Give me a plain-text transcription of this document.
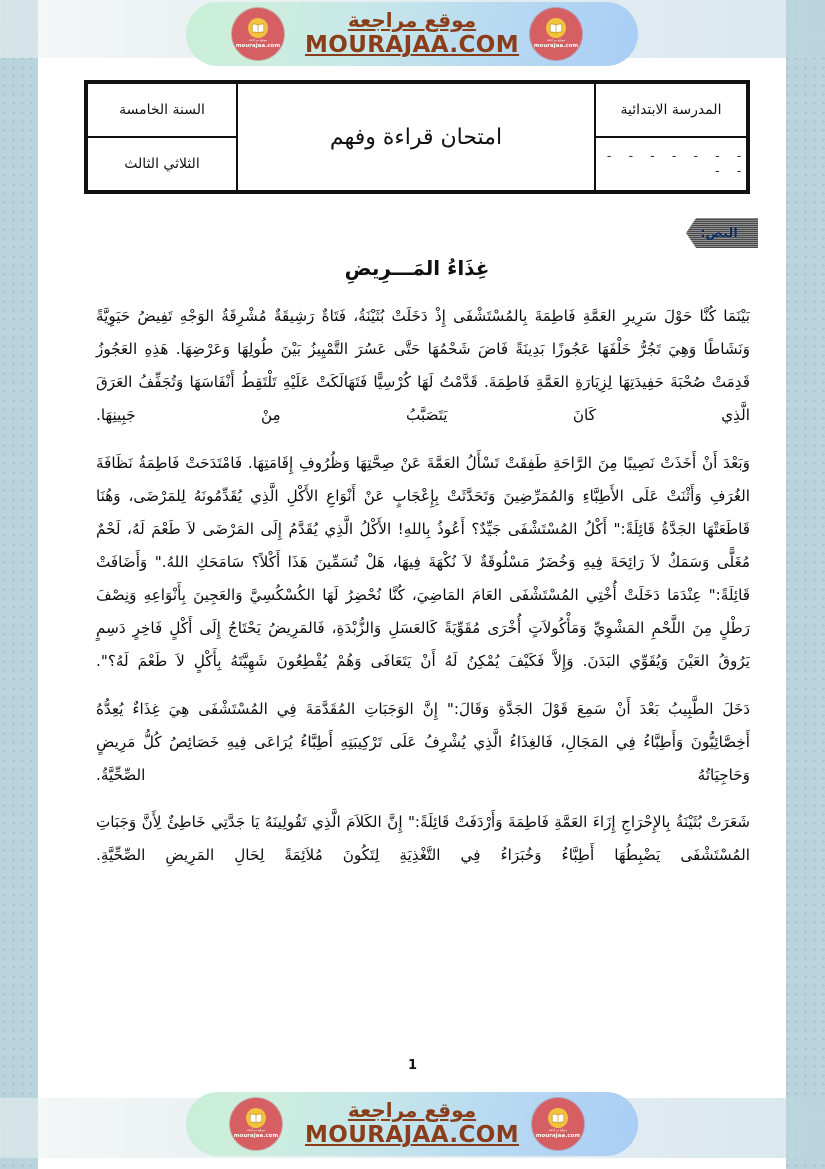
موقع مراجعة
mourajaa.com
موقع مراجعة
MOURAJAA.COM	موقع مراجعة
mourajaa.com
المدرسة الابتدائية
- - - - - - - - -
امتحان قراءة وفهم
السنة الخامسة
الثلاثي الثالث
النص:
غِذَاءُ المَـــرِيضِ

بَيْنَمَا كُنَّا حَوْلَ سَرِيرِ العَمَّةِ فَاطِمَةَ بِالمُسْتَشْفَى إِذْ دَخَلَتْ بُثَيْنَةُ، فَتَاةٌ رَشِيقَةٌ مُشْرِقَةُ الوَجْهِ تَفِيضُ حَيَوِيَّةً وَنَشَاطًا وَهِيَ تَجُرُّ خَلْفَهَا عَجُوزًا بَدِينَةً فَاضَ شَحْمُهَا حَتَّى عَسُرَ التَّمْيِيزُ بَيْنَ طُولِهَا وَعَرْضِهَا. هَذِهِ العَجُوزُ قَدِمَتْ صُحْبَةَ حَفِيدَتِهَا لِزِيَارَةِ العَمَّةِ فَاطِمَةَ. قَدَّمْتُ لَهَا كُرْسِيًّا فَتَهَالَكَتْ عَلَيْهِ تَلْتَقِطُ أَنْفَاسَهَا وَتُجَفِّفُ العَرَقَ الَّذِي كَانَ يَتَصَبَّبُ مِنْ جَبِينِهَا.

وَبَعْدَ أَنْ أَخَذَتْ نَصِيبًا مِنَ الرَّاحَةِ طَفِقَتْ تَسْأَلُ العَمَّةَ عَنْ صِحَّتِهَا وَظُرُوفِ إِقَامَتِهَا. فَامْتَدَحَتْ فَاطِمَةُ نَظَافَةَ الغُرَفِ وَأَثْنَتْ عَلَى الأَطِبَّاءِ وَالمُمَرِّضِينَ وَتَحَدَّثَتْ بِإِعْجَابٍ عَنْ أَنْوَاعِ الأَكْلِ الَّذِي يُقَدِّمُونَهُ لِلمَرْضَى، وَهُنَا قَاطَعَتْهَا الجَدَّةُ قَائِلَةً:" أَكْلُ المُسْتَشْفَى جَيِّدٌ؟ أَعُوذُ بِاللهِ! الأَكْلُ الَّذِي يُقَدَّمُ إِلَى المَرْضَى لاَ طَعْمَ لَهُ، لَحْمٌ مُغَلًّى وَسَمَكٌ لاَ رَائِحَةَ فِيهِ وَخُضَرٌ مَسْلُوقَةٌ لاَ نُكْهَةَ فِيهَا، هَلْ تُسَمِّينَ هَذَا أَكْلاً؟ سَامَحَكِ اللهُ." وَأَضَافَتْ قَائِلَةً:" عِنْدَمَا دَخَلَتْ أُخْتِي المُسْتَشْفَى العَامَ المَاضِيَ، كُنَّا نُحْضِرُ لَهَا الكُسْكُسِيَّ وَالعَجِينَ بِأَنْوَاعِهِ وَنِصْفَ رَطْلٍ مِنَ اللَّحْمِ المَشْوِيِّ وَمَأْكُولاَتٍ أُخْرَى مُقَوِّيَةً كَالعَسَلِ وَالزُّبْدَةِ، فَالمَرِيضُ يَحْتَاجُ إِلَى أَكْلٍ فَاخِرٍ دَسِمٍ يَرُوقُ العَيْنَ وَيُقَوِّي البَدَنَ. وَإِلاَّ فَكَيْفَ يُمْكِنُ لَهُ أَنْ يَتَعَافَى وَهُمْ يُقْطِعُونَ شَهِيَّتَهُ بِأَكْلٍ لاَ طَعْمَ لَهُ؟".

دَخَلَ الطَّبِيبُ بَعْدَ أَنْ سَمِعَ قَوْلَ الجَدَّةِ وَقَالَ:" إِنَّ الوَجَبَاتِ المُقَدَّمَةَ فِي المُسْتَشْفَى هِيَ غِذَاءٌ يُعِدُّهُ أَخِصَّائِيُّونَ وَأَطِبَّاءُ فِي المَجَالِ، فَالغِذَاءُ الَّذِي يُشْرِفُ عَلَى تَرْكِيبَتِهِ أَطِبَّاءُ يُرَاعَى فِيهِ خَصَائِصُ كُلُّ مَرِيضٍ وَحَاجِيَاتُهُ الصِّحِّيَّةُ.

شَعَرَتْ بُثَيْنَةُ بِالإِحْرَاجِ إِزَاءَ العَمَّةِ فَاطِمَةَ وَأَرْدَفَتْ قَائِلَةً:" إِنَّ الكَلاَمَ الَّذِي تَقُولِينَهُ يَا جَدَّتِي خَاطِئٌ لِأَنَّ وَجَبَاتِ المُسْتَشْفَى يَضْبِطُهَا أَطِبَّاءُ وَخُبَرَاءُ فِي التَّغْذِيَةِ لِتَكُونَ مُلاَئِمَةً لِحَالِ المَرِيضِ الصِّحِّيَّةِ.

1
موقع مراجعة
mourajaa.com
موقع مراجعة
MOURAJAA.COM	موقع مراجعة
mourajaa.com
